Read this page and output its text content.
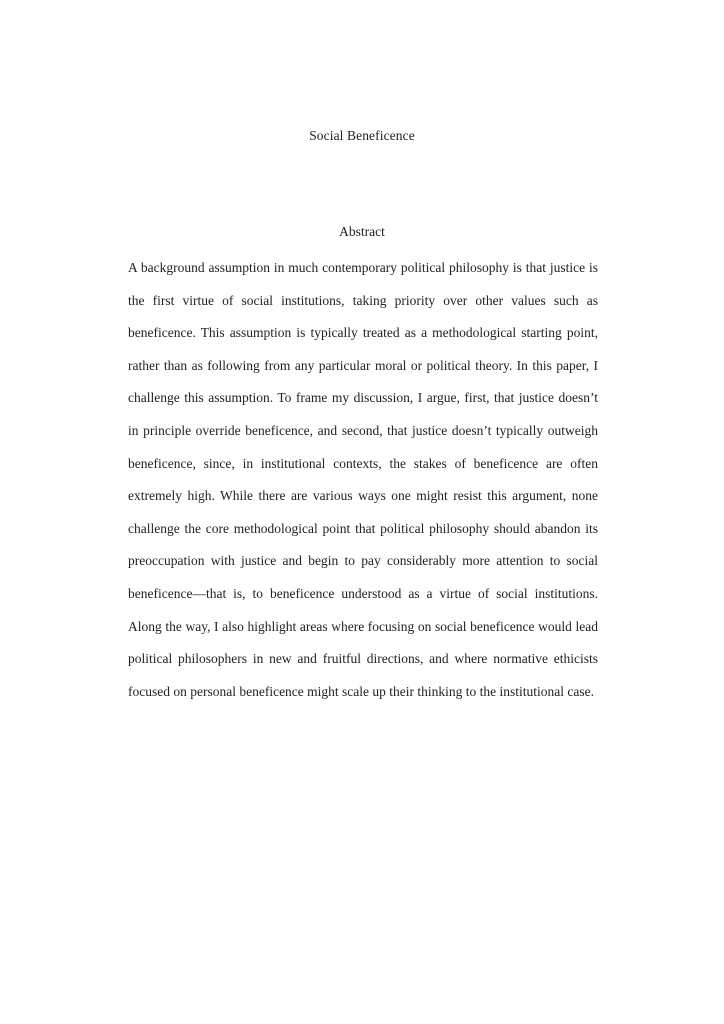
Social Beneficence
Abstract
A background assumption in much contemporary political philosophy is that justice is
the first virtue of social institutions, taking priority over other values such as
beneficence. This assumption is typically treated as a methodological starting point,
rather than as following from any particular moral or political theory. In this paper, I
challenge this assumption. To frame my discussion, I argue, first, that justice doesn’t
in principle override beneficence, and second, that justice doesn’t typically outweigh
beneficence, since, in institutional contexts, the stakes of beneficence are often
extremely high. While there are various ways one might resist this argument, none
challenge the core methodological point that political philosophy should abandon its
preoccupation with justice and begin to pay considerably more attention to social
beneficence—that is, to beneficence understood as a virtue of social institutions.
Along the way, I also highlight areas where focusing on social beneficence would lead
political philosophers in new and fruitful directions, and where normative ethicists
focused on personal beneficence might scale up their thinking to the institutional case.
